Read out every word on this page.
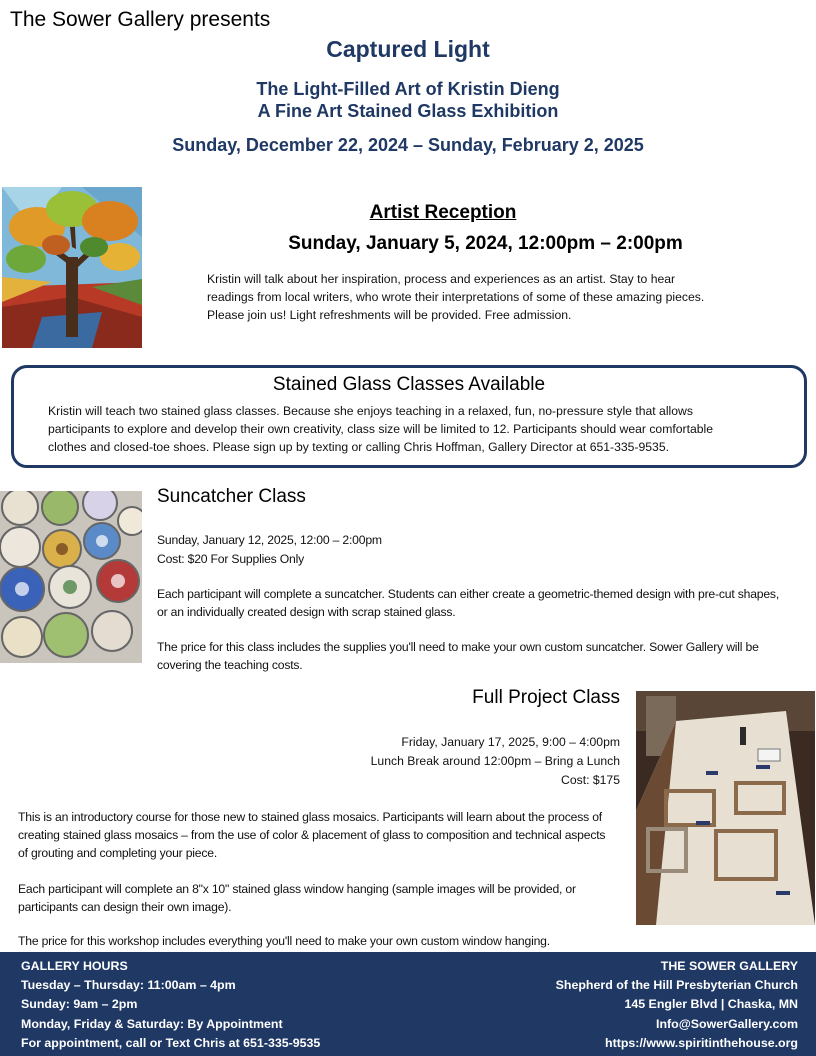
The Sower Gallery presents
Captured Light
The Light-Filled Art of Kristin Dieng
A Fine Art Stained Glass Exhibition
Sunday, December 22, 2024 – Sunday, February 2, 2025
Artist Reception
Sunday, January 5, 2024, 12:00pm – 2:00pm
Kristin will talk about her inspiration, process and experiences as an artist. Stay to hear
readings from local writers, who wrote their interpretations of some of these amazing pieces.
Please join us! Light refreshments will be provided. Free admission.
Stained Glass Classes Available
Kristin will teach two stained glass classes. Because she enjoys teaching in a relaxed, fun, no-pressure style that allows
participants to explore and develop their own creativity, class size will be limited to 12. Participants should wear comfortable
clothes and closed-toe shoes. Please sign up by texting or calling Chris Hoffman, Gallery Director at 651-335-9535.
Suncatcher Class
Sunday, January 12, 2025, 12:00 – 2:00pm
Cost: $20 For Supplies Only
Each participant will complete a suncatcher. Students can either create a geometric-themed design with pre-cut shapes,
or an individually created design with scrap stained glass.
The price for this class includes the supplies you'll need to make your own custom suncatcher. Sower Gallery will be
covering the teaching costs.
Full Project Class
Friday, January 17, 2025, 9:00 – 4:00pm
Lunch Break around 12:00pm – Bring a Lunch
Cost: $175
This is an introductory course for those new to stained glass mosaics. Participants will learn about the process of
creating stained glass mosaics – from the use of color & placement of glass to composition and technical aspects
of grouting and completing your piece.
Each participant will complete an 8"x 10" stained glass window hanging (sample images will be provided, or
participants can design their own image).
The price for this workshop includes everything you'll need to make your own custom window hanging.
GALLERY HOURS
Tuesday – Thursday: 11:00am – 4pm
Sunday: 9am – 2pm
Monday, Friday & Saturday: By Appointment
For appointment, call or Text Chris at 651-335-9535
THE SOWER GALLERY
Shepherd of the Hill Presbyterian Church
145 Engler Blvd | Chaska, MN
Info@SowerGallery.com
https://www.spiritinthehouse.org
